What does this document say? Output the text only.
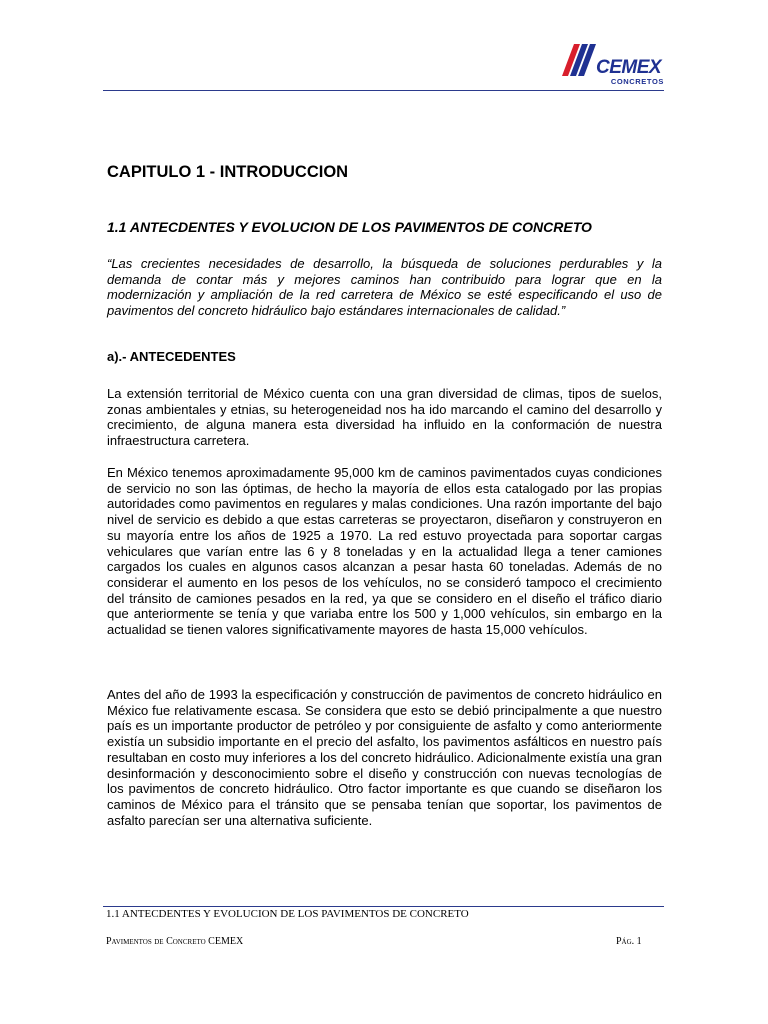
CEMEX
CONCRETOS
CAPITULO 1 - INTRODUCCION
1.1 ANTECDENTES Y EVOLUCION DE LOS PAVIMENTOS DE CONCRETO

“Las crecientes necesidades de desarrollo, la búsqueda de soluciones perdurables y la demanda de contar más y mejores caminos han contribuido para lograr que en la modernización y ampliación de la red carretera de México se esté especificando el uso de pavimentos del concreto hidráulico bajo estándares internacionales de calidad.”

a).- ANTECEDENTES

La extensión territorial de México cuenta con una gran diversidad de climas, tipos de suelos, zonas ambientales y etnias, su heterogeneidad nos ha ido marcando el camino del desarrollo y crecimiento, de alguna manera esta diversidad ha influido en la conformación de nuestra infraestructura carretera.

En México tenemos aproximadamente 95,000 km de caminos pavimentados cuyas condiciones de servicio no son las óptimas, de hecho la mayoría de ellos esta catalogado por las propias autoridades como pavimentos en regulares y malas condiciones. Una razón importante del bajo nivel de servicio es debido a que estas carreteras se proyectaron, diseñaron y construyeron en su mayoría entre los años de 1925 a 1970. La red estuvo proyectada para soportar cargas vehiculares que varían entre las 6 y 8 toneladas y en la actualidad llega a tener camiones cargados los cuales en algunos casos alcanzan a pesar hasta 60 toneladas. Además de no considerar el aumento en los pesos de los vehículos, no se consideró tampoco el crecimiento del tránsito de camiones pesados en la red, ya que se considero en el diseño el tráfico diario que anteriormente se tenía y que variaba entre los 500 y 1,000 vehículos, sin embargo en la actualidad se tienen valores significativamente mayores de hasta 15,000 vehículos.

Antes del año de 1993 la especificación y construcción de pavimentos de concreto hidráulico en México fue relativamente escasa. Se considera que esto se debió principalmente a que nuestro país es un importante productor de petróleo y por consiguiente de asfalto y como anteriormente existía un subsidio importante en el precio del asfalto, los pavimentos asfálticos en nuestro país resultaban en costo muy inferiores a los del concreto hidráulico. Adicionalmente existía una gran desinformación y desconocimiento sobre el diseño y construcción con nuevas tecnologías de los pavimentos de concreto hidráulico. Otro factor importante es que cuando se diseñaron los caminos de México para el tránsito que se pensaba tenían que soportar, los pavimentos de asfalto parecían ser una alternativa suficiente.

1.1 ANTECDENTES Y EVOLUCION DE LOS PAVIMENTOS DE CONCRETO
Pavimentos de Concreto CEMEX	Pág. 1
